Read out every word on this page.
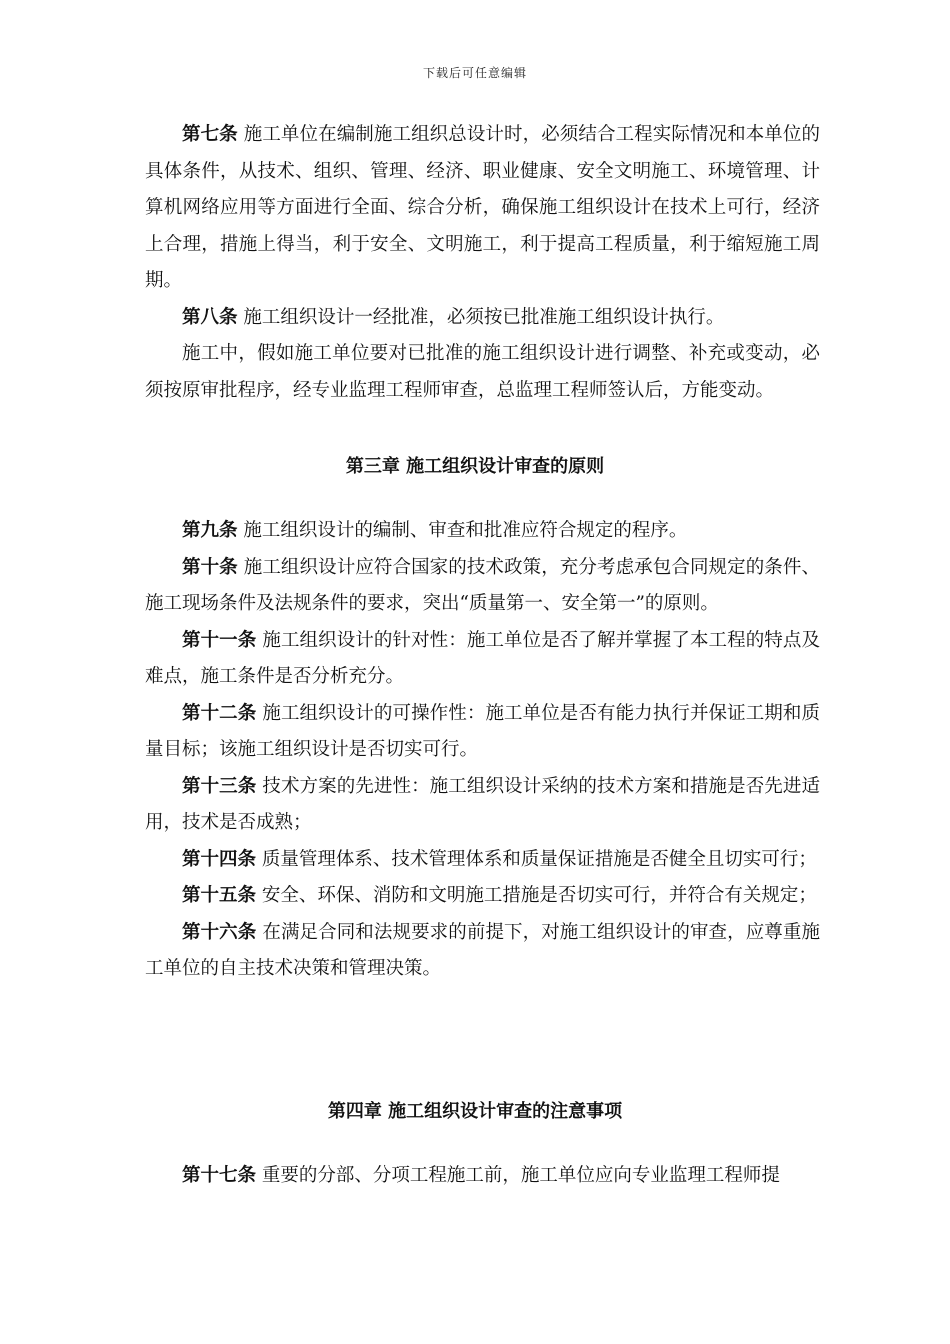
下载后可任意编辑

第七条 施工单位在编制施工组织总设计时，必须结合工程实际情况和本单位的具体条件，从技术、组织、管理、经济、职业健康、安全文明施工、环境管理、计算机网络应用等方面进行全面、综合分析，确保施工组织设计在技术上可行，经济上合理，措施上得当，利于安全、文明施工，利于提高工程质量，利于缩短施工周期。

第八条 施工组织设计一经批准，必须按已批准施工组织设计执行。

施工中，假如施工单位要对已批准的施工组织设计进行调整、补充或变动，必须按原审批程序，经专业监理工程师审查，总监理工程师签认后，方能变动。

第三章 施工组织设计审查的原则

第九条 施工组织设计的编制、审查和批准应符合规定的程序。

第十条 施工组织设计应符合国家的技术政策，充分考虑承包合同规定的条件、施工现场条件及法规条件的要求，突出“质量第一、安全第一”的原则。

第十一条 施工组织设计的针对性：施工单位是否了解并掌握了本工程的特点及难点，施工条件是否分析充分。

第十二条 施工组织设计的可操作性：施工单位是否有能力执行并保证工期和质量目标；该施工组织设计是否切实可行。

第十三条 技术方案的先进性：施工组织设计采纳的技术方案和措施是否先进适用，技术是否成熟；

第十四条 质量管理体系、技术管理体系和质量保证措施是否健全且切实可行；

第十五条 安全、环保、消防和文明施工措施是否切实可行，并符合有关规定；

第十六条 在满足合同和法规要求的前提下，对施工组织设计的审查，应尊重施工单位的自主技术决策和管理决策。

第四章 施工组织设计审查的注意事项

第十七条 重要的分部、分项工程施工前，施工单位应向专业监理工程师提
